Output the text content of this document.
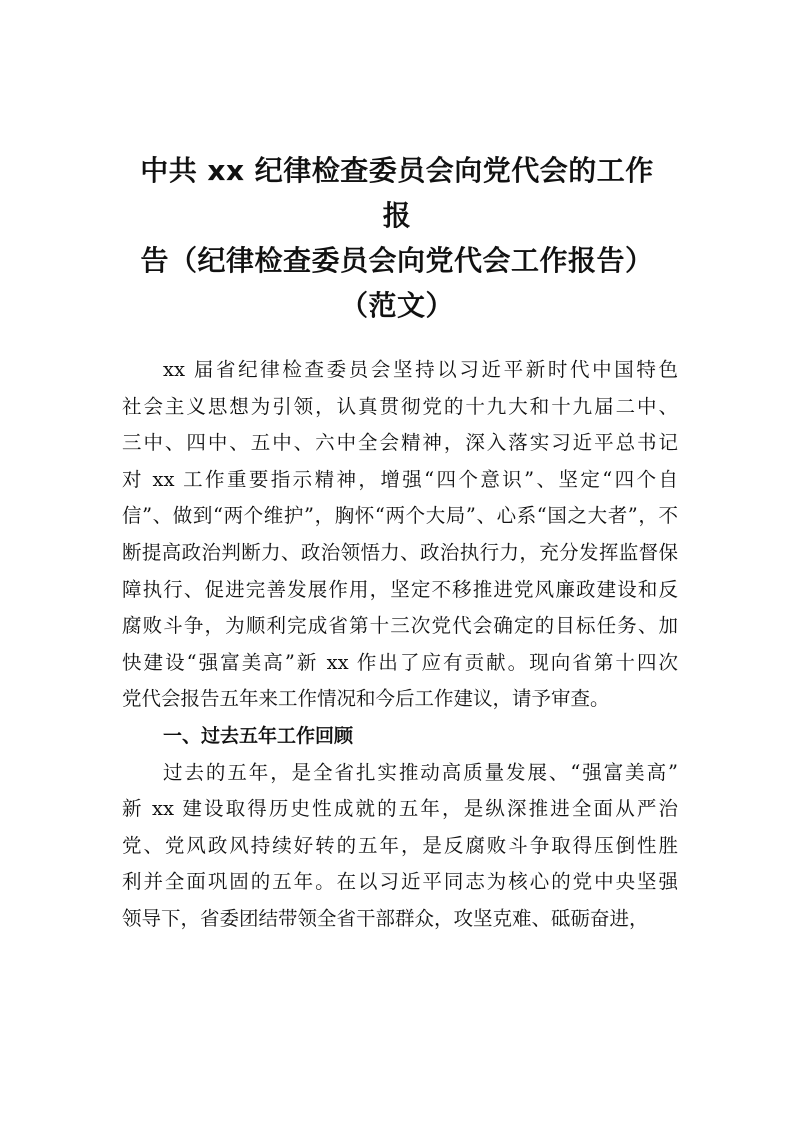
中共 xx 纪律检查委员会向党代会的工作
报
告（纪律检查委员会向党代会工作报告）
（范文）
xx 届省纪律检查委员会坚持以习近平新时代中国特色
社会主义思想为引领，认真贯彻党的十九大和十九届二中、
三中、四中、五中、六中全会精神，深入落实习近平总书记
对 xx 工作重要指示精神，增强“四个意识”、坚定“四个自
信”、做到“两个维护”，胸怀“两个大局”、心系“国之大者”，不
断提高政治判断力、政治领悟力、政治执行力，充分发挥监督保
障执行、促进完善发展作用，坚定不移推进党风廉政建设和反
腐败斗争，为顺利完成省第十三次党代会确定的目标任务、加
快建设“强富美高”新 xx 作出了应有贡献。现向省第十四次
党代会报告五年来工作情况和今后工作建议，请予审查。
一、过去五年工作回顾
过去的五年，是全省扎实推动高质量发展、“强富美高”
新 xx 建设取得历史性成就的五年，是纵深推进全面从严治
党、党风政风持续好转的五年，是反腐败斗争取得压倒性胜
利并全面巩固的五年。在以习近平同志为核心的党中央坚强
领导下，省委团结带领全省干部群众，攻坚克难、砥砺奋进，
